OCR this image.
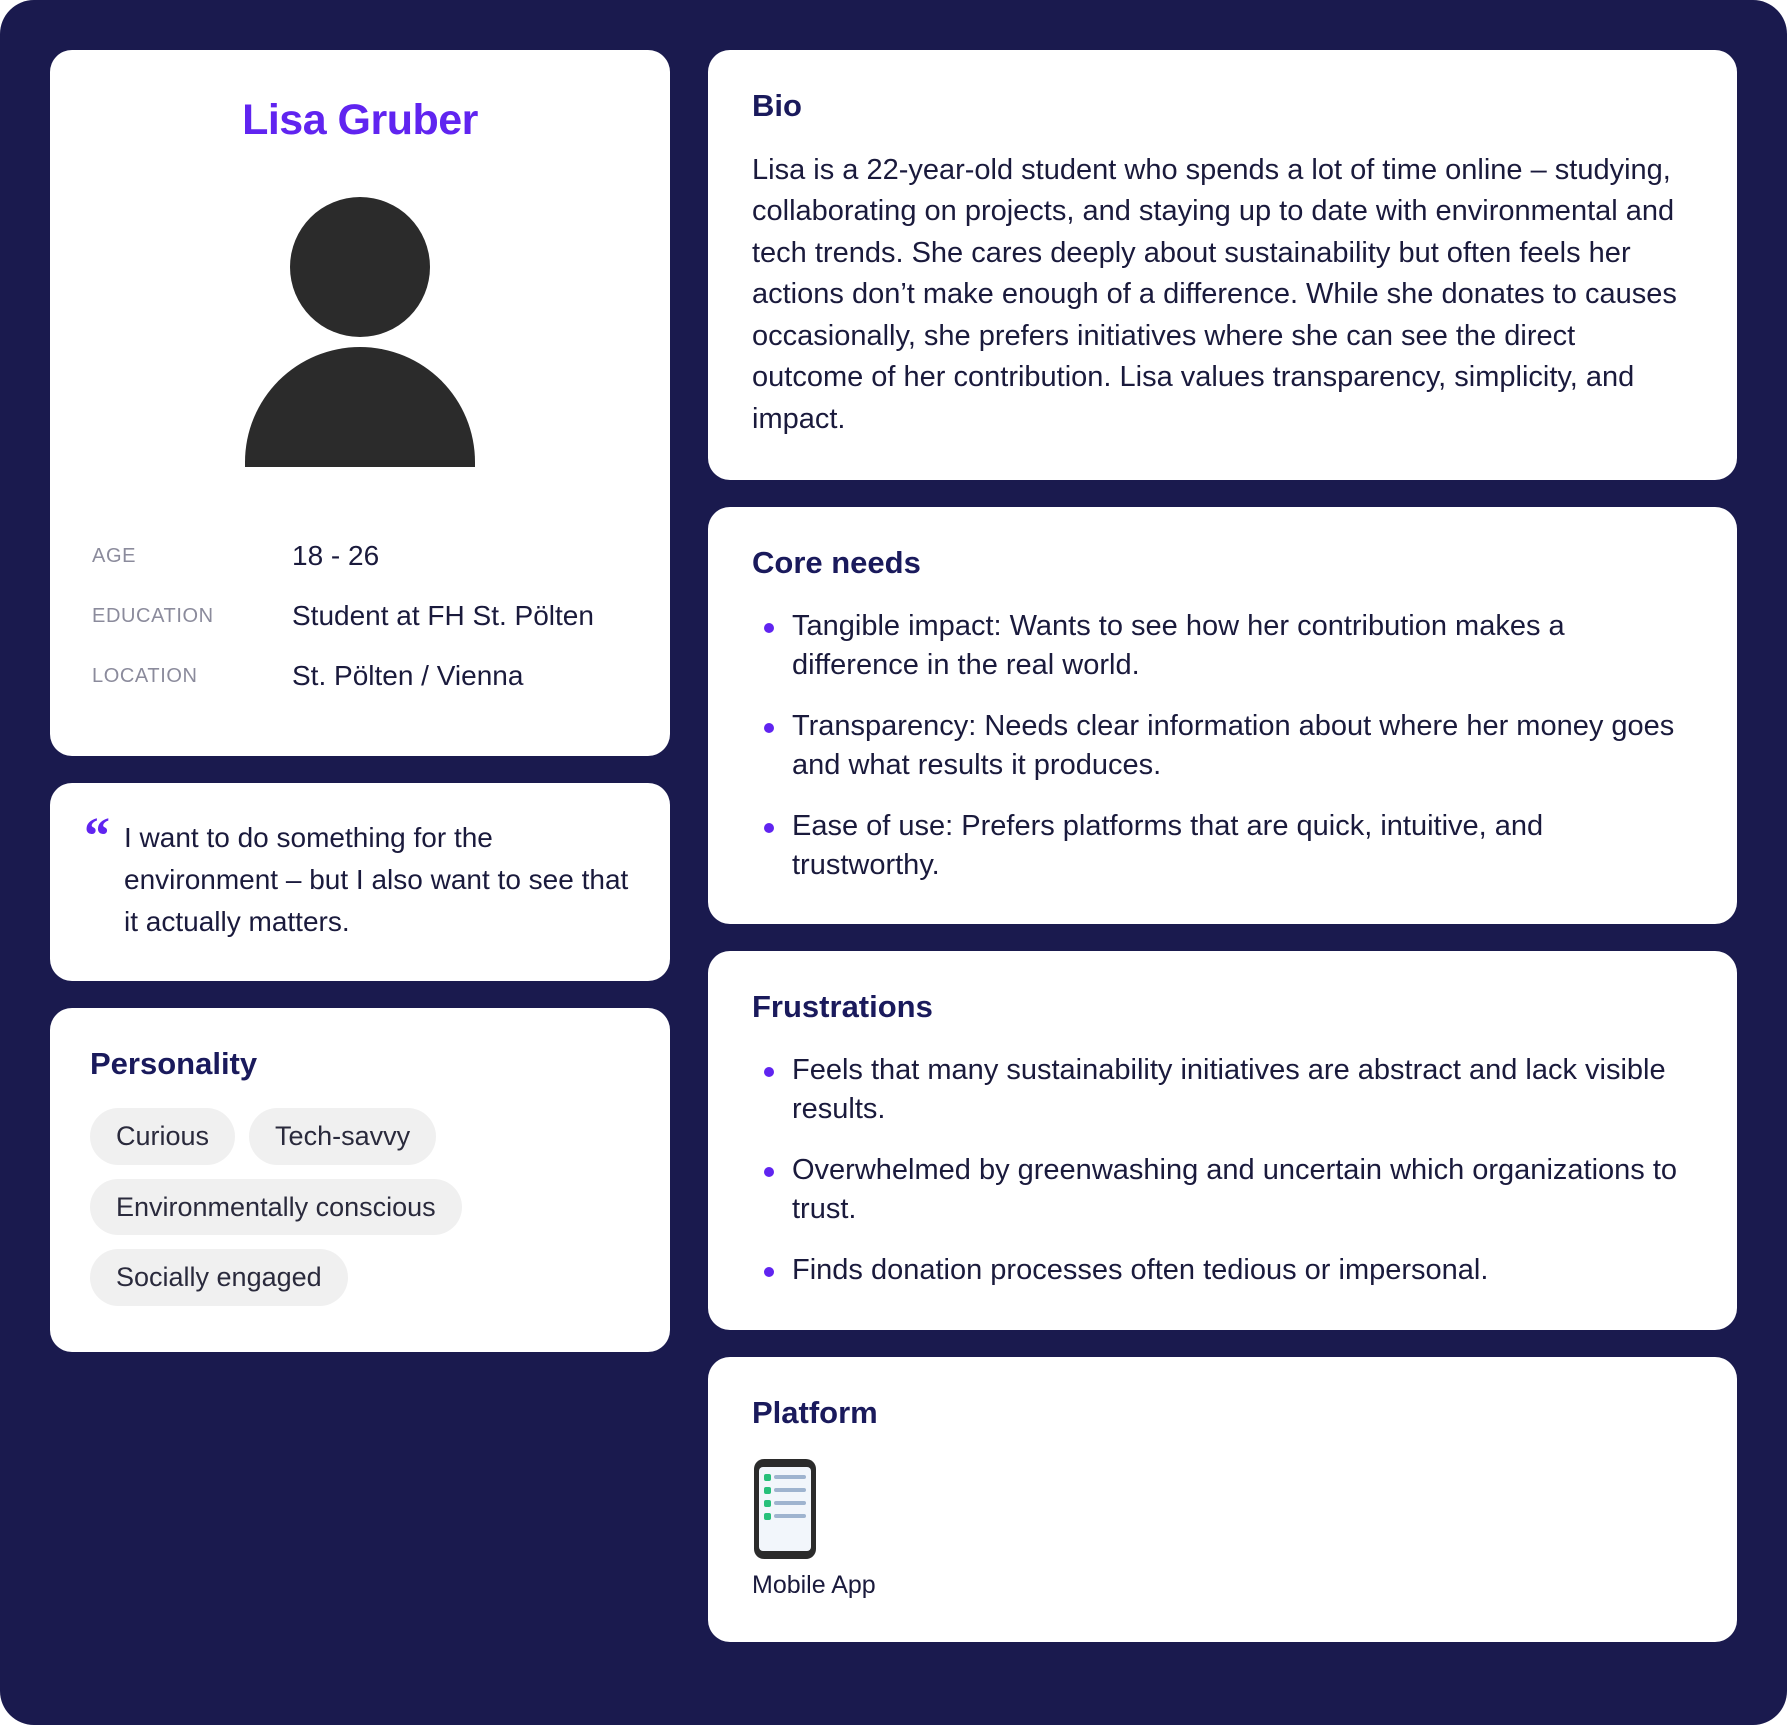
Lisa Gruber
AGE	18 - 26
EDUCATION	Student at FH St. Pölten
LOCATION	St. Pölten / Vienna
“ I want to do something for the environment – but I also want to see that it actually matters.
Personality
Curious	Tech-savvy
Environmentally conscious
Socially engaged
Bio

Lisa is a 22-year-old student who spends a lot of time online – studying, collaborating on projects, and staying up to date with environmental and tech trends. She cares deeply about sustainability but often feels her actions don’t make enough of a difference. While she donates to causes occasionally, she prefers initiatives where she can see the direct outcome of her contribution. Lisa values transparency, simplicity, and impact.

Core needs
Tangible impact: Wants to see how her contribution makes a difference in the real world.
Transparency: Needs clear information about where her money goes and what results it produces.
Ease of use: Prefers platforms that are quick, intuitive, and trustworthy.
Frustrations
Feels that many sustainability initiatives are abstract and lack visible results.
Overwhelmed by greenwashing and uncertain which organizations to trust.
Finds donation processes often tedious or impersonal.
Platform
Mobile App
